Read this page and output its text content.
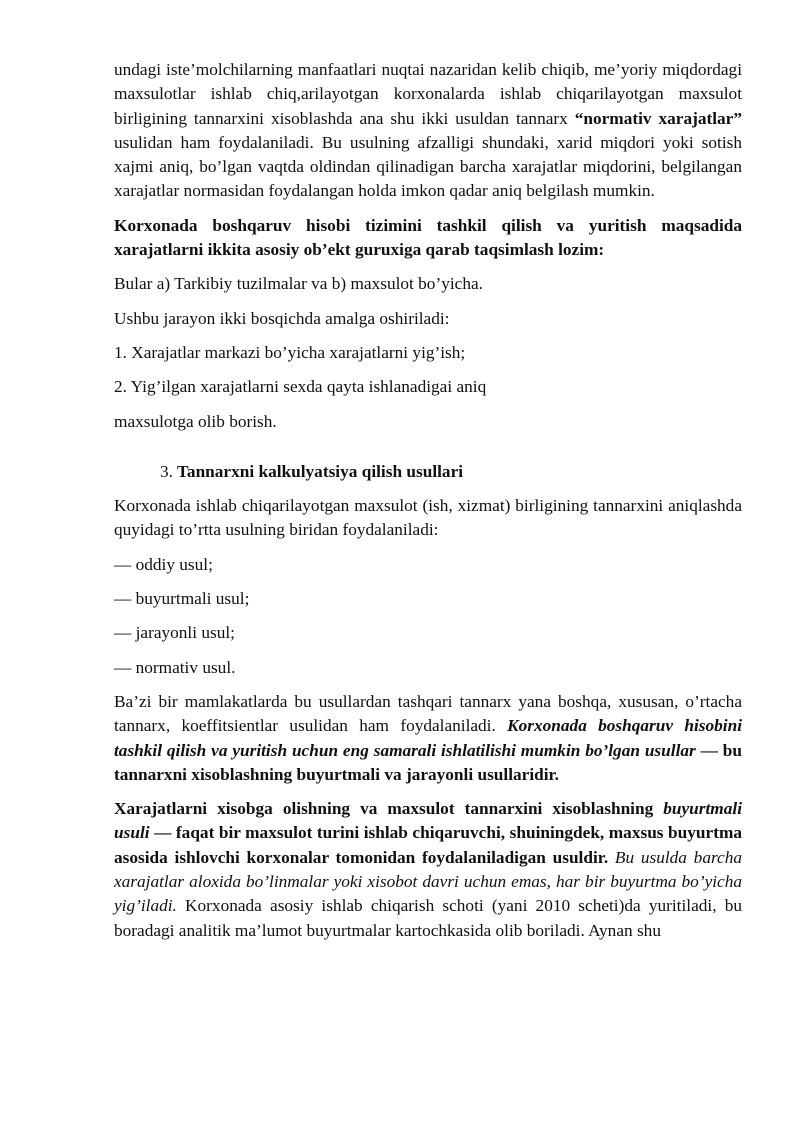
undagi iste’molchilarning manfaatlari nuqtai nazaridan kelib chiqib, me’yoriy miqdordagi maxsulotlar ishlab chiq,arilayotgan korxonalarda ishlab chiqarilayotgan maxsulot birligining tannarxini xisoblashda ana shu ikki usuldan tannarx “normativ xarajatlar” usulidan ham foydalaniladi. Bu usulning afzalligi shundaki, xarid miqdori yoki sotish xajmi aniq, bo’lgan vaqtda oldindan qilinadigan barcha xarajatlar miqdorini, belgilangan xarajatlar normasidan foydalangan holda imkon qadar aniq belgilash mumkin.

Korxonada boshqaruv hisobi tizimini tashkil qilish va yuritish maqsadida xarajatlarni ikkita asosiy ob’ekt guruxiga qarab taqsimlash lozim:

Bular a) Tarkibiy tuzilmalar va b) maxsulot bo’yicha.

Ushbu jarayon ikki bosqichda amalga oshiriladi:

1. Xarajatlar markazi bo’yicha xarajatlarni yig’ish;

2. Yig’ilgan xarajatlarni sexda qayta ishlanadigai aniq

maxsulotga olib borish.

3. Tannarxni kalkulyatsiya qilish usullari

Korxonada ishlab chiqarilayotgan maxsulot (ish, xizmat) birligining tannarxini aniqlashda quyidagi to’rtta usulning biridan foydalaniladi:

— oddiy usul;

— buyurtmali usul;

— jarayonli usul;

— normativ usul.

Ba’zi bir mamlakatlarda bu usullardan tashqari tannarx yana boshqa, xususan, o’rtacha tannarx, koeffitsientlar usulidan ham foydalaniladi. Korxonada boshqaruv hisobini tashkil qilish va yuritish uchun eng samarali ishlatilishi mumkin bo’lgan usullar — bu tannarxni xisoblashning buyurtmali va jarayonli usullaridir.

Xarajatlarni xisobga olishning va maxsulot tannarxini xisoblashning buyurtmali usuli — faqat bir maxsulot turini ishlab chiqaruvchi, shuiningdek, maxsus buyurtma asosida ishlovchi korxonalar tomonidan foydalaniladigan usuldir. Bu usulda barcha xarajatlar aloxida bo’linmalar yoki xisobot davri uchun emas, har bir buyurtma bo’yicha yig’iladi. Korxonada asosiy ishlab chiqarish schoti (yani 2010 scheti)da yuritiladi, bu boradagi analitik ma’lumot buyurtmalar kartochkasida olib boriladi. Aynan shu
